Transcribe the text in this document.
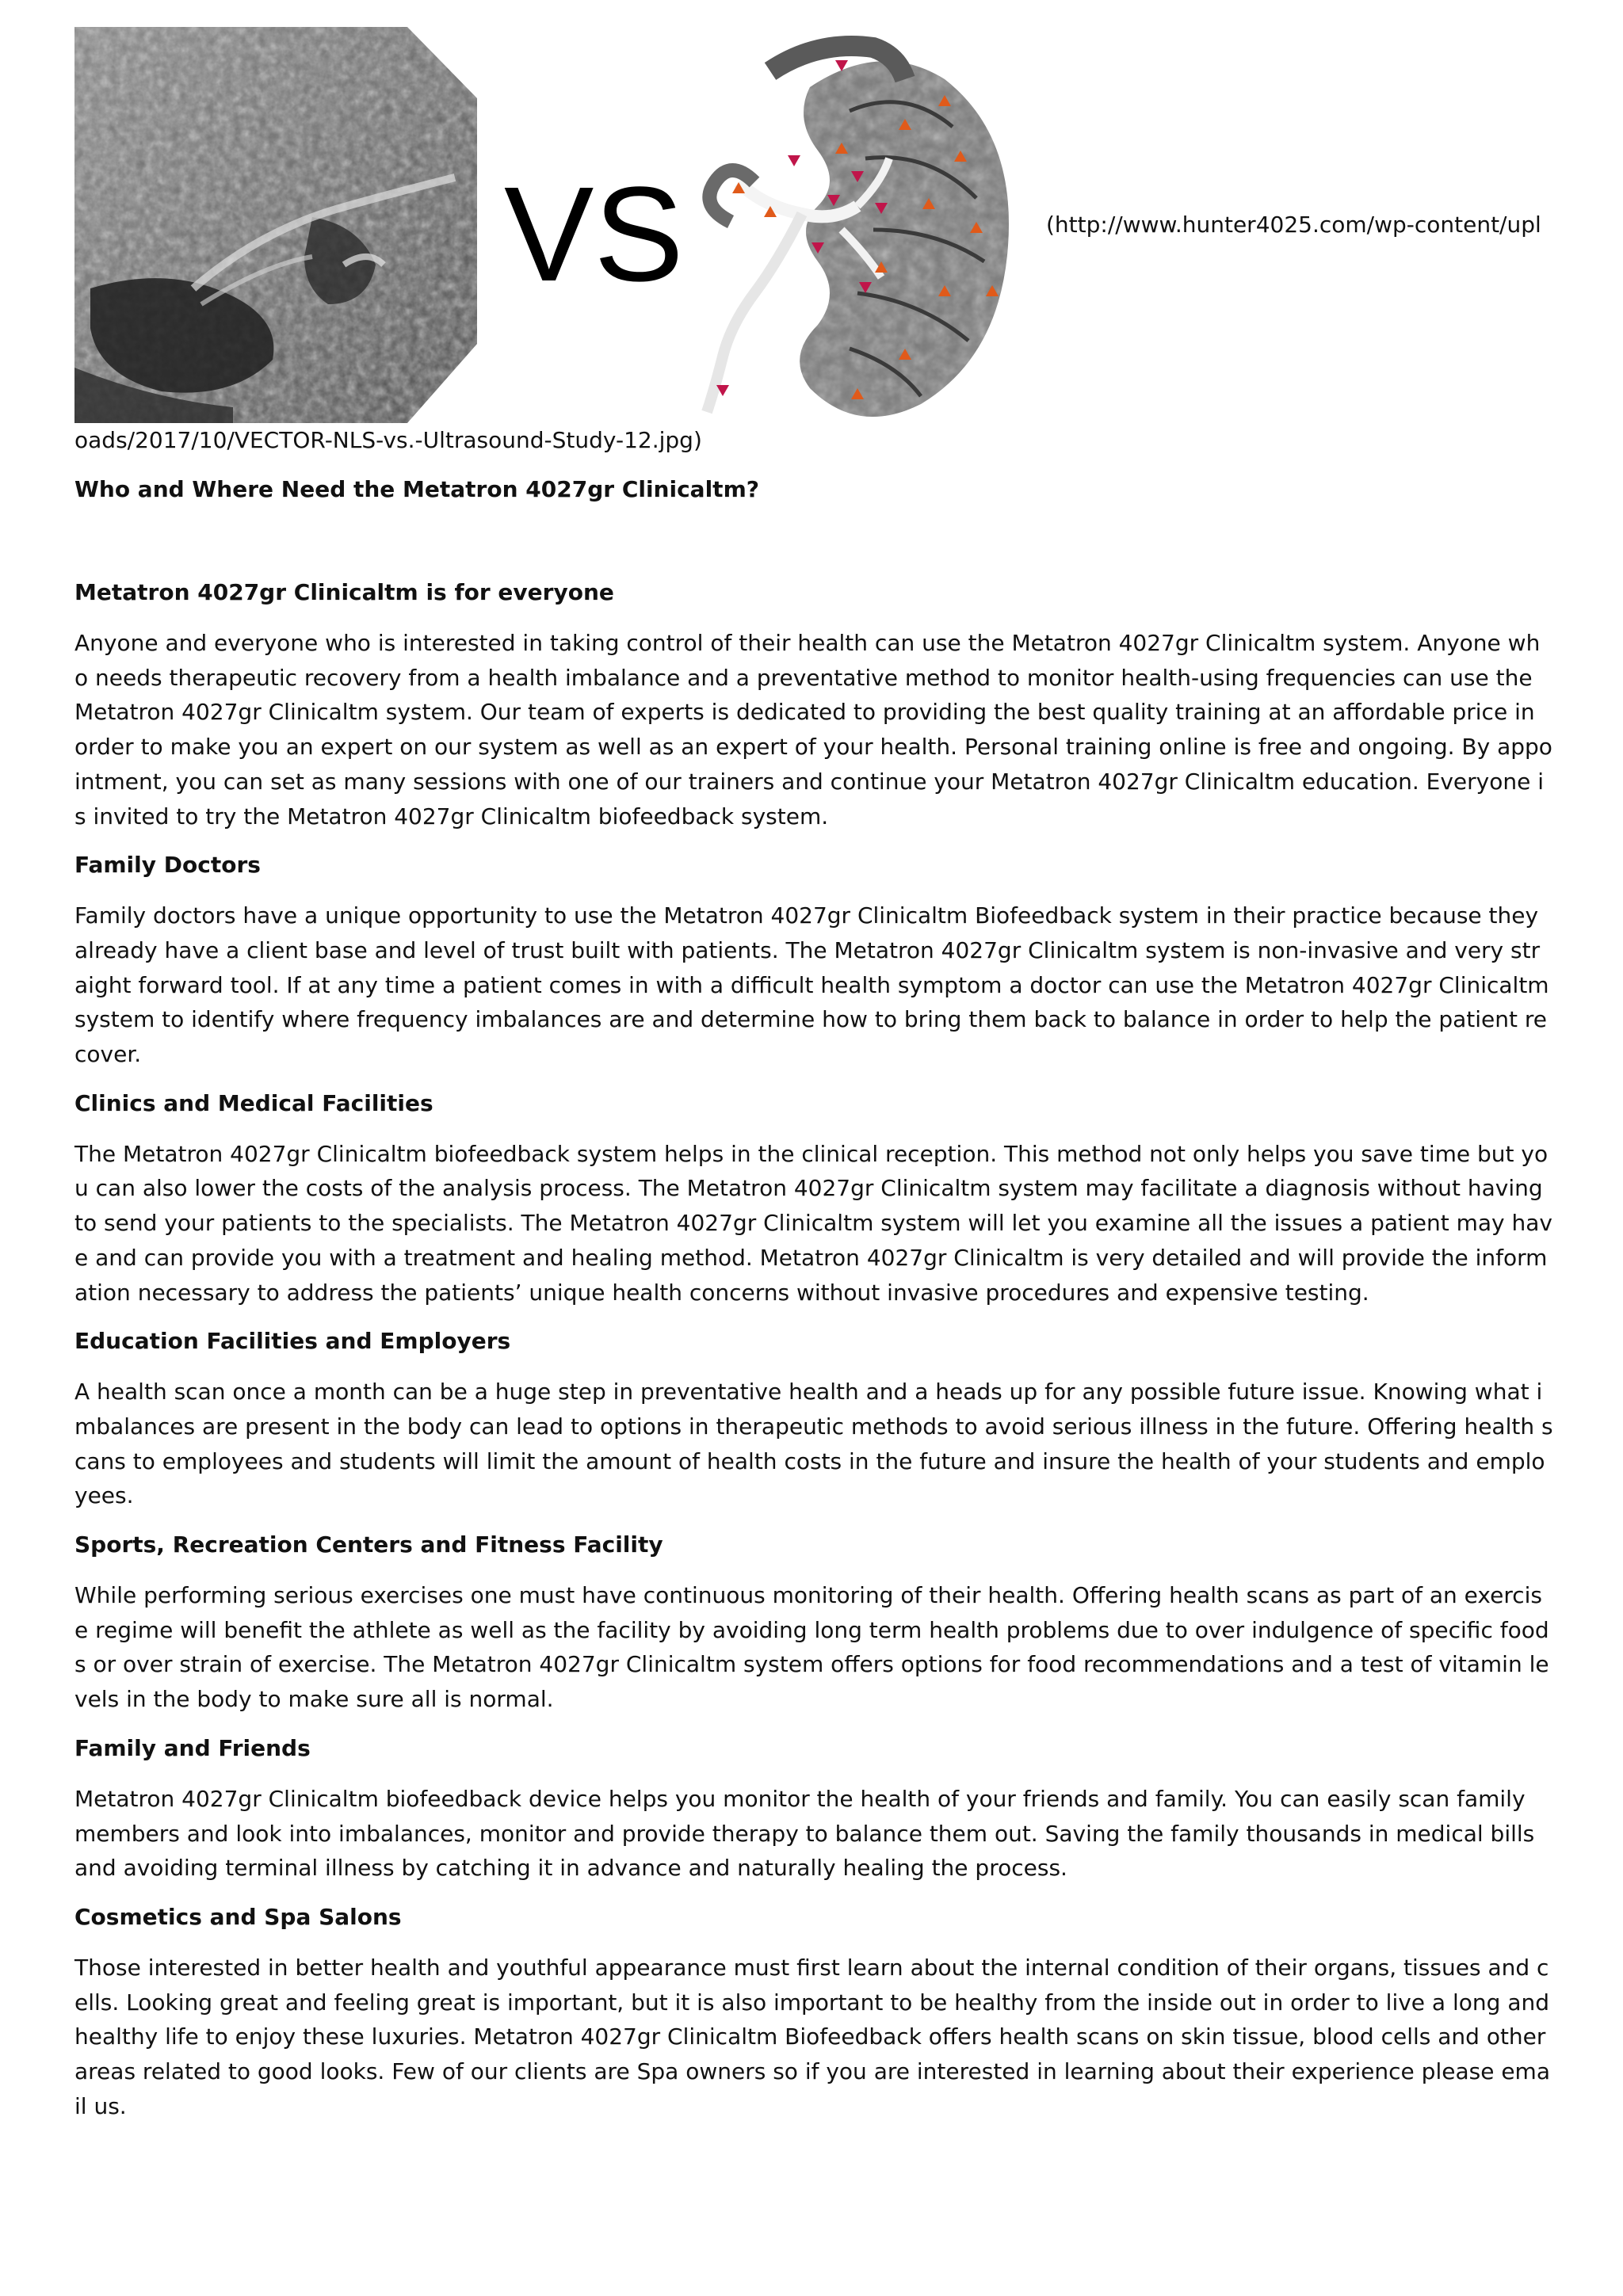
VS	(http://www.hunter4025.com/wp-content/upl
oads/2017/10/VECTOR-NLS-vs.-Ultrasound-Study-12.jpg)
Who and Where Need the Metatron 4027gr Clinicaltm?
Metatron 4027gr Clinicaltm is for everyone

Anyone and everyone who is interested in taking control of their health can use the Metatron 4027gr Clinicaltm system. Anyone who needs therapeutic recovery from a health imbalance and a preventative method to monitor health-using frequencies can use the Metatron 4027gr Clinicaltm system. Our team of experts is dedicated to providing the best quality training at an affordable price in order to make you an expert on our system as well as an expert of your health. Personal training online is free and ongoing. By appointment, you can set as many sessions with one of our trainers and continue your Metatron 4027gr Clinicaltm education. Everyone is invited to try the Metatron 4027gr Clinicaltm biofeedback system.

Family Doctors

Family doctors have a unique opportunity to use the Metatron 4027gr Clinicaltm Biofeedback system in their practice because they already have a client base and level of trust built with patients. The Metatron 4027gr Clinicaltm system is non-invasive and very straight forward tool. If at any time a patient comes in with a difficult health symptom a doctor can use the Metatron 4027gr Clinicaltm system to identify where frequency imbalances are and determine how to bring them back to balance in order to help the patient recover.

Clinics and Medical Facilities

The Metatron 4027gr Clinicaltm biofeedback system helps in the clinical reception. This method not only helps you save time but you can also lower the costs of the analysis process. The Metatron 4027gr Clinicaltm system may facilitate a diagnosis without having to send your patients to the specialists. The Metatron 4027gr Clinicaltm system will let you examine all the issues a patient may have and can provide you with a treatment and healing method. Metatron 4027gr Clinicaltm is very detailed and will provide the information necessary to address the patients’ unique health concerns without invasive procedures and expensive testing.

Education Facilities and Employers

A health scan once a month can be a huge step in preventative health and a heads up for any possible future issue. Knowing what imbalances are present in the body can lead to options in therapeutic methods to avoid serious illness in the future. Offering health scans to employees and students will limit the amount of health costs in the future and insure the health of your students and employees.

Sports, Recreation Centers and Fitness Facility

While performing serious exercises one must have continuous monitoring of their health. Offering health scans as part of an exercise regime will benefit the athlete as well as the facility by avoiding long term health problems due to over indulgence of specific foods or over strain of exercise. The Metatron 4027gr Clinicaltm system offers options for food recommendations and a test of vitamin levels in the body to make sure all is normal.

Family and Friends

Metatron 4027gr Clinicaltm biofeedback device helps you monitor the health of your friends and family. You can easily scan family members and look into imbalances, monitor and provide therapy to balance them out. Saving the family thousands in medical bills and avoiding terminal illness by catching it in advance and naturally healing the process.

Cosmetics and Spa Salons

Those interested in better health and youthful appearance must first learn about the internal condition of their organs, tissues and cells. Looking great and feeling great is important, but it is also important to be healthy from the inside out in order to live a long and healthy life to enjoy these luxuries. Metatron 4027gr Clinicaltm Biofeedback offers health scans on skin tissue, blood cells and other areas related to good looks. Few of our clients are Spa owners so if you are interested in learning about their experience please email us.
